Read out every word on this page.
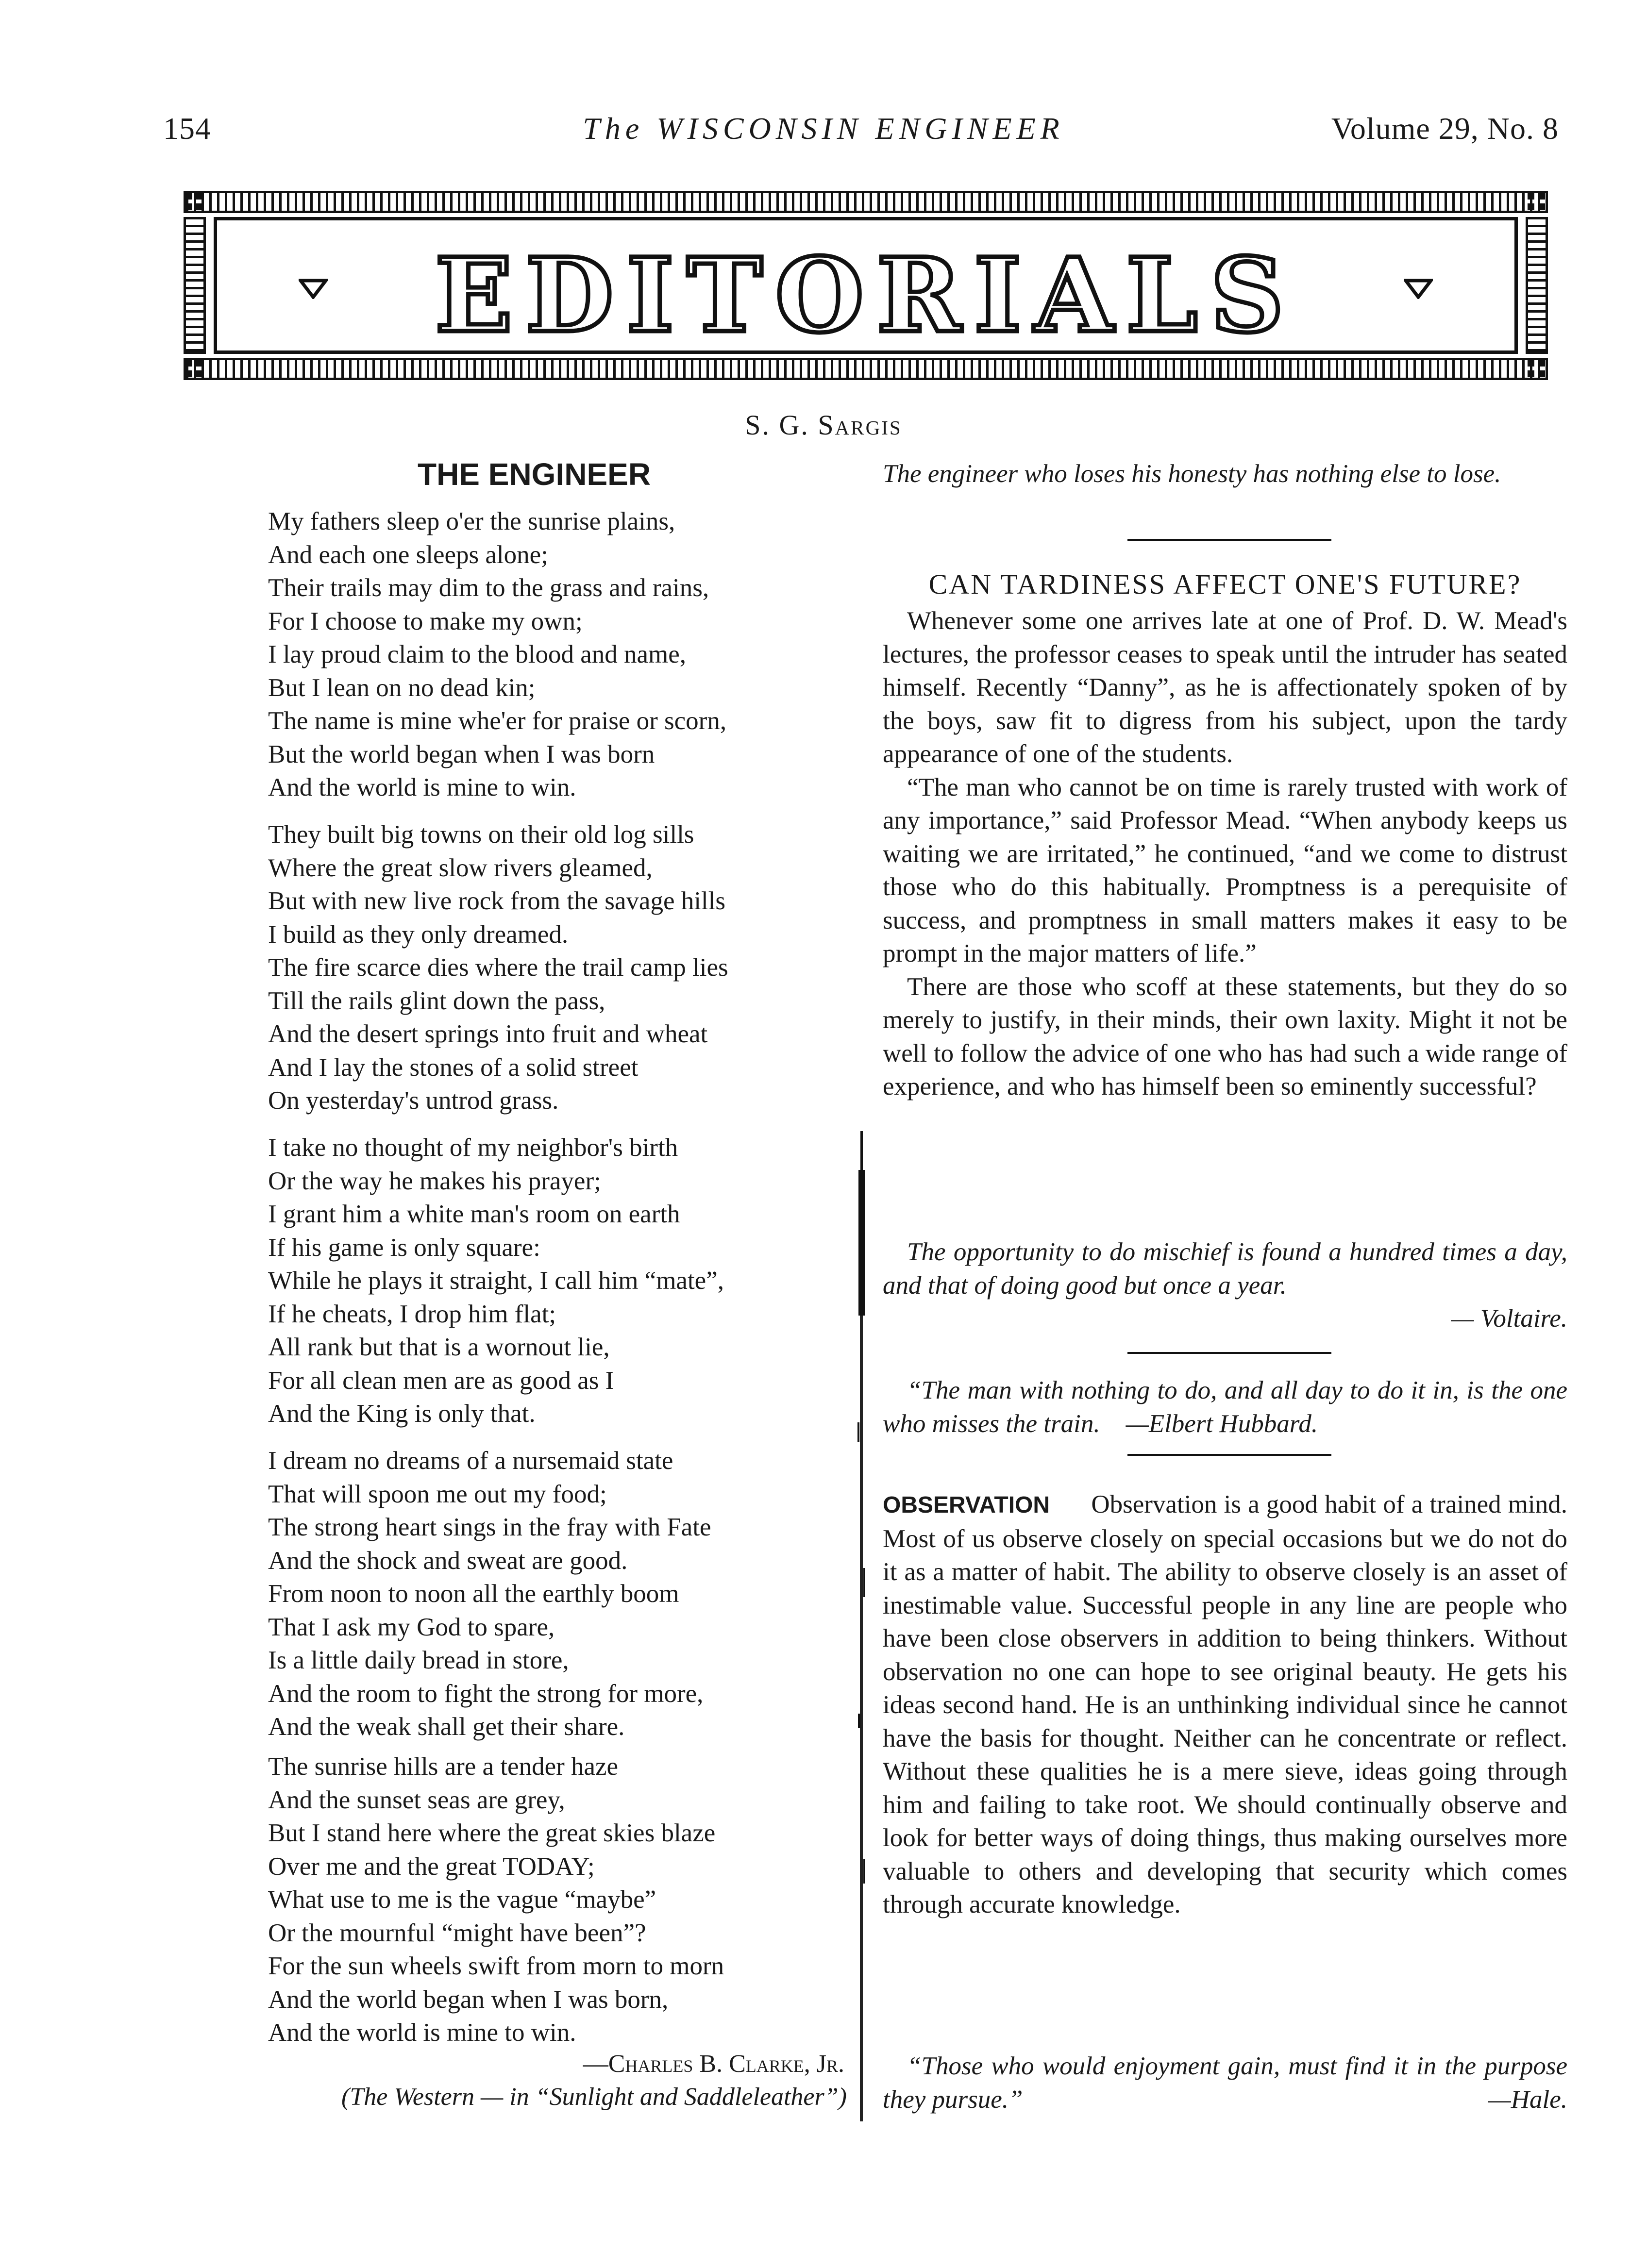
154	The WISCONSIN ENGINEER	Volume 29, No. 8
EDITORIALS
S. G. Sargis
THE ENGINEER
My fathers sleep o'er the sunrise plains,
And each one sleeps alone;
Their trails may dim to the grass and rains,
For I choose to make my own;
I lay proud claim to the blood and name,
But I lean on no dead kin;
The name is mine whe'er for praise or scorn,
But the world began when I was born
And the world is mine to win.
They built big towns on their old log sills
Where the great slow rivers gleamed,
But with new live rock from the savage hills
I build as they only dreamed.
The fire scarce dies where the trail camp lies
Till the rails glint down the pass,
And the desert springs into fruit and wheat
And I lay the stones of a solid street
On yesterday's untrod grass.
I take no thought of my neighbor's birth
Or the way he makes his prayer;
I grant him a white man's room on earth
If his game is only square:
While he plays it straight, I call him “mate”,
If he cheats, I drop him flat;
All rank but that is a wornout lie,
For all clean men are as good as I
And the King is only that.
I dream no dreams of a nursemaid state
That will spoon me out my food;
The strong heart sings in the fray with Fate
And the shock and sweat are good.
From noon to noon all the earthly boom
That I ask my God to spare,
Is a little daily bread in store,
And the room to fight the strong for more,
And the weak shall get their share.
The sunrise hills are a tender haze
And the sunset seas are grey,
But I stand here where the great skies blaze
Over me and the great TODAY;
What use to me is the vague “maybe”
Or the mournful “might have been”?
For the sun wheels swift from morn to morn
And the world began when I was born,
And the world is mine to win.
—Charles B. Clarke, Jr.
(The Western — in “Sunlight and Saddleleather”)
The engineer who loses his honesty has nothing else to lose.
CAN TARDINESS AFFECT ONE'S FUTURE?

Whenever some one arrives late at one of Prof. D. W. Mead's lectures, the professor ceases to speak until the intruder has seated himself. Recently “Danny”, as he is affectionately spoken of by the boys, saw fit to digress from his subject, upon the tardy appearance of one of the students.

“The man who cannot be on time is rarely trusted with work of any importance,” said Professor Mead. “When anybody keeps us waiting we are irritated,” he continued, “and we come to distrust those who do this habitually. Promptness is a perequisite of success, and promptness in small matters makes it easy to be prompt in the major matters of life.”

There are those who scoff at these statements, but they do so merely to justify, in their minds, their own laxity. Might it not be well to follow the advice of one who has had such a wide range of experience, and who has himself been so eminently successful?

The opportunity to do mischief is found a hundred times a day, and that of doing good but once a year.

— Voltaire.

“The man with nothing to do, and all day to do it in, is the one who misses the train. —Elbert Hubbard.

OBSERVATION Observation is a good habit of a trained mind. Most of us observe closely on special occasions but we do not do it as a matter of habit. The ability to observe closely is an asset of inestimable value. Successful people in any line are people who have been close observers in addition to being thinkers. Without observation no one can hope to see original beauty. He gets his ideas second hand. He is an unthinking individual since he cannot have the basis for thought. Neither can he concentrate or reflect. Without these qualities he is a mere sieve, ideas going through him and failing to take root. We should continually observe and look for better ways of doing things, thus making ourselves more valuable to others and developing that security which comes through accurate knowledge.

“Those who would enjoyment gain, must find it in the purpose they pursue.”	—Hale.
